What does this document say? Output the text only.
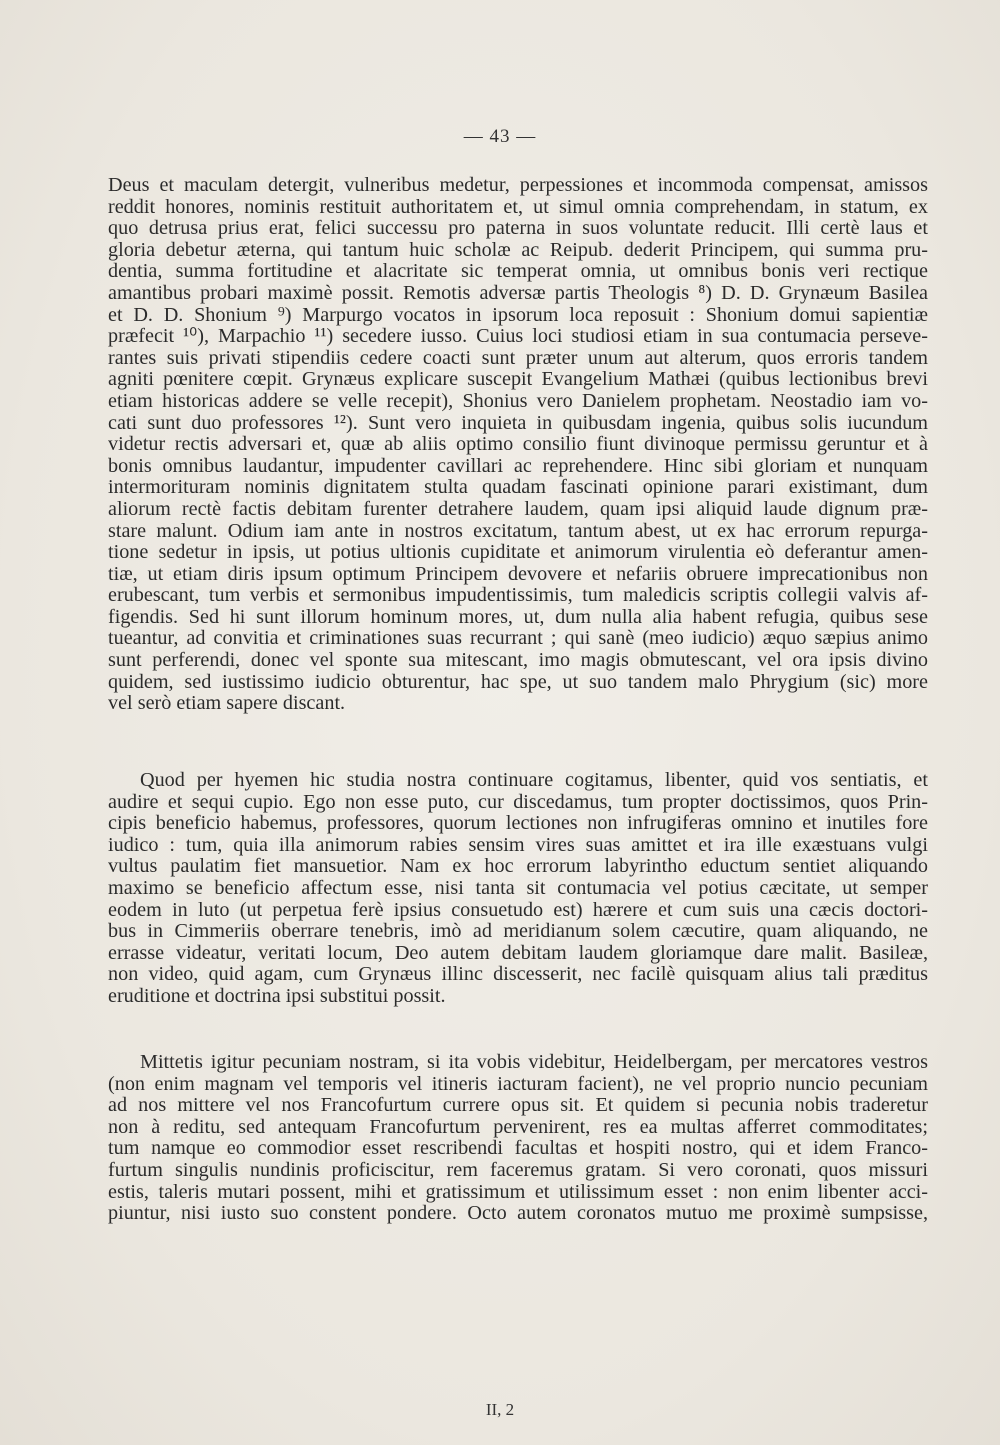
— 43 —

Deus et maculam detergit, vulneribus medetur, perpessiones et incommoda compensat, amissos

reddit honores, nominis restituit authoritatem et, ut simul omnia comprehendam, in statum, ex

quo detrusa prius erat, felici successu pro paterna in suos voluntate reducit. Illi certè laus et

gloria debetur æterna, qui tantum huic scholæ ac Reipub. dederit Principem, qui summa pru-

dentia, summa fortitudine et alacritate sic temperat omnia, ut omnibus bonis veri rectique

amantibus probari maximè possit. Remotis adversæ partis Theologis ⁸) D. D. Grynæum Basilea

et D. D. Shonium ⁹) Marpurgo vocatos in ipsorum loca reposuit : Shonium domui sapientiæ

præfecit ¹⁰), Marpachio ¹¹) secedere iusso. Cuius loci studiosi etiam in sua contumacia perseve-

rantes suis privati stipendiis cedere coacti sunt præter unum aut alterum, quos erroris tandem

agniti pœnitere cœpit. Grynæus explicare suscepit Evangelium Mathæi (quibus lectionibus brevi

etiam historicas addere se velle recepit), Shonius vero Danielem prophetam. Neostadio iam vo-

cati sunt duo professores ¹²). Sunt vero inquieta in quibusdam ingenia, quibus solis iucundum

videtur rectis adversari et, quæ ab aliis optimo consilio fiunt divinoque permissu geruntur et à

bonis omnibus laudantur, impudenter cavillari ac reprehendere. Hinc sibi gloriam et nunquam

intermorituram nominis dignitatem stulta quadam fascinati opinione parari existimant, dum

aliorum rectè factis debitam furenter detrahere laudem, quam ipsi aliquid laude dignum præ-

stare malunt. Odium iam ante in nostros excitatum, tantum abest, ut ex hac errorum repurga-

tione sedetur in ipsis, ut potius ultionis cupiditate et animorum virulentia eò deferantur amen-

tiæ, ut etiam diris ipsum optimum Principem devovere et nefariis obruere imprecationibus non

erubescant, tum verbis et sermonibus impudentissimis, tum maledicis scriptis collegii valvis af-

figendis. Sed hi sunt illorum hominum mores, ut, dum nulla alia habent refugia, quibus sese

tueantur, ad convitia et criminationes suas recurrant ; qui sanè (meo iudicio) æquo sæpius animo

sunt perferendi, donec vel sponte sua mitescant, imo magis obmutescant, vel ora ipsis divino

quidem, sed iustissimo iudicio obturentur, hac spe, ut suo tandem malo Phrygium (sic) more

vel serò etiam sapere discant.

Quod per hyemen hic studia nostra continuare cogitamus, libenter, quid vos sentiatis, et

audire et sequi cupio. Ego non esse puto, cur discedamus, tum propter doctissimos, quos Prin-

cipis beneficio habemus, professores, quorum lectiones non infrugiferas omnino et inutiles fore

iudico : tum, quia illa animorum rabies sensim vires suas amittet et ira ille exæstuans vulgi

vultus paulatim fiet mansuetior. Nam ex hoc errorum labyrintho eductum sentiet aliquando

maximo se beneficio affectum esse, nisi tanta sit contumacia vel potius cæcitate, ut semper

eodem in luto (ut perpetua ferè ipsius consuetudo est) hærere et cum suis una cæcis doctori-

bus in Cimmeriis oberrare tenebris, imò ad meridianum solem cæcutire, quam aliquando, ne

errasse videatur, veritati locum, Deo autem debitam laudem gloriamque dare malit. Basileæ,

non video, quid agam, cum Grynæus illinc discesserit, nec facilè quisquam alius tali præditus

eruditione et doctrina ipsi substitui possit.

Mittetis igitur pecuniam nostram, si ita vobis videbitur, Heidelbergam, per mercatores vestros

(non enim magnam vel temporis vel itineris iacturam facient), ne vel proprio nuncio pecuniam

ad nos mittere vel nos Francofurtum currere opus sit. Et quidem si pecunia nobis traderetur

non à reditu, sed antequam Francofurtum pervenirent, res ea multas afferret commoditates;

tum namque eo commodior esset rescribendi facultas et hospiti nostro, qui et idem Franco-

furtum singulis nundinis proficiscitur, rem faceremus gratam. Si vero coronati, quos missuri

estis, taleris mutari possent, mihi et gratissimum et utilissimum esset : non enim libenter acci-

piuntur, nisi iusto suo constent pondere. Octo autem coronatos mutuo me proximè sumpsisse,

II, 2
